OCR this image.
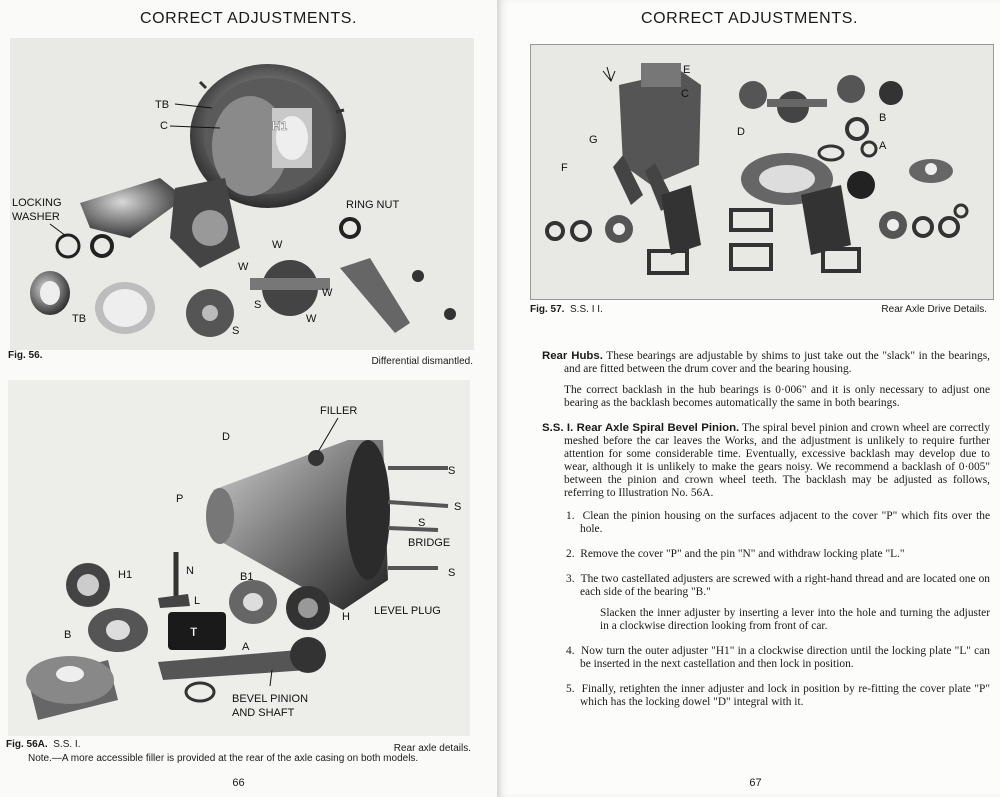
CORRECT ADJUSTMENTS.
TB
C	H1
LOCKING
WASHER
RING NUT
W
W
W
W
S
S
TB
Fig. 56.
Differential dismantled.
FILLER
D
P
S
S
S
S
BRIDGE
H1	N	B1
L
LEVEL PLUG
H
B	T
A
BEVEL PINION
AND SHAFT
Fig. 56A. S.S. I.	Rear axle details.
Note.—A more accessible filler is provided at the rear of the axle casing on both models.
66
CORRECT ADJUSTMENTS.
E
C
B
A
D
G
F
Fig. 57. S.S. I I.	Rear Axle Drive Details.

Rear Hubs. These bearings are adjustable by shims to just take out the "slack" in the bearings, and are fitted between the drum cover and the bearing housing.

The correct backlash in the hub bearings is 0·006" and it is only necessary to adjust one bearing as the backlash becomes automatically the same in both bearings.

S.S. I. Rear Axle Spiral Bevel Pinion. The spiral bevel pinion and crown wheel are correctly meshed before the car leaves the Works, and the adjustment is unlikely to require further attention for some considerable time. Eventually, excessive backlash may develop due to wear, although it is unlikely to make the gears noisy. We recommend a backlash of 0·005" between the pinion and crown wheel teeth. The backlash may be adjusted as follows, referring to Illustration No. 56A.

1. Clean the pinion housing on the surfaces adjacent to the cover "P" which fits over the hole.

2. Remove the cover "P" and the pin "N" and withdraw locking plate "L."

3. The two castellated adjusters are screwed with a right-hand thread and are located one on each side of the bearing "B."

Slacken the inner adjuster by inserting a lever into the hole and turning the adjuster in a clockwise direction looking from front of car.

4. Now turn the outer adjuster "H1" in a clockwise direction until the locking plate "L" can be inserted in the next castellation and then lock in position.

5. Finally, retighten the inner adjuster and lock in position by re-fitting the cover plate "P" which has the locking dowel "D" integral with it.

67
